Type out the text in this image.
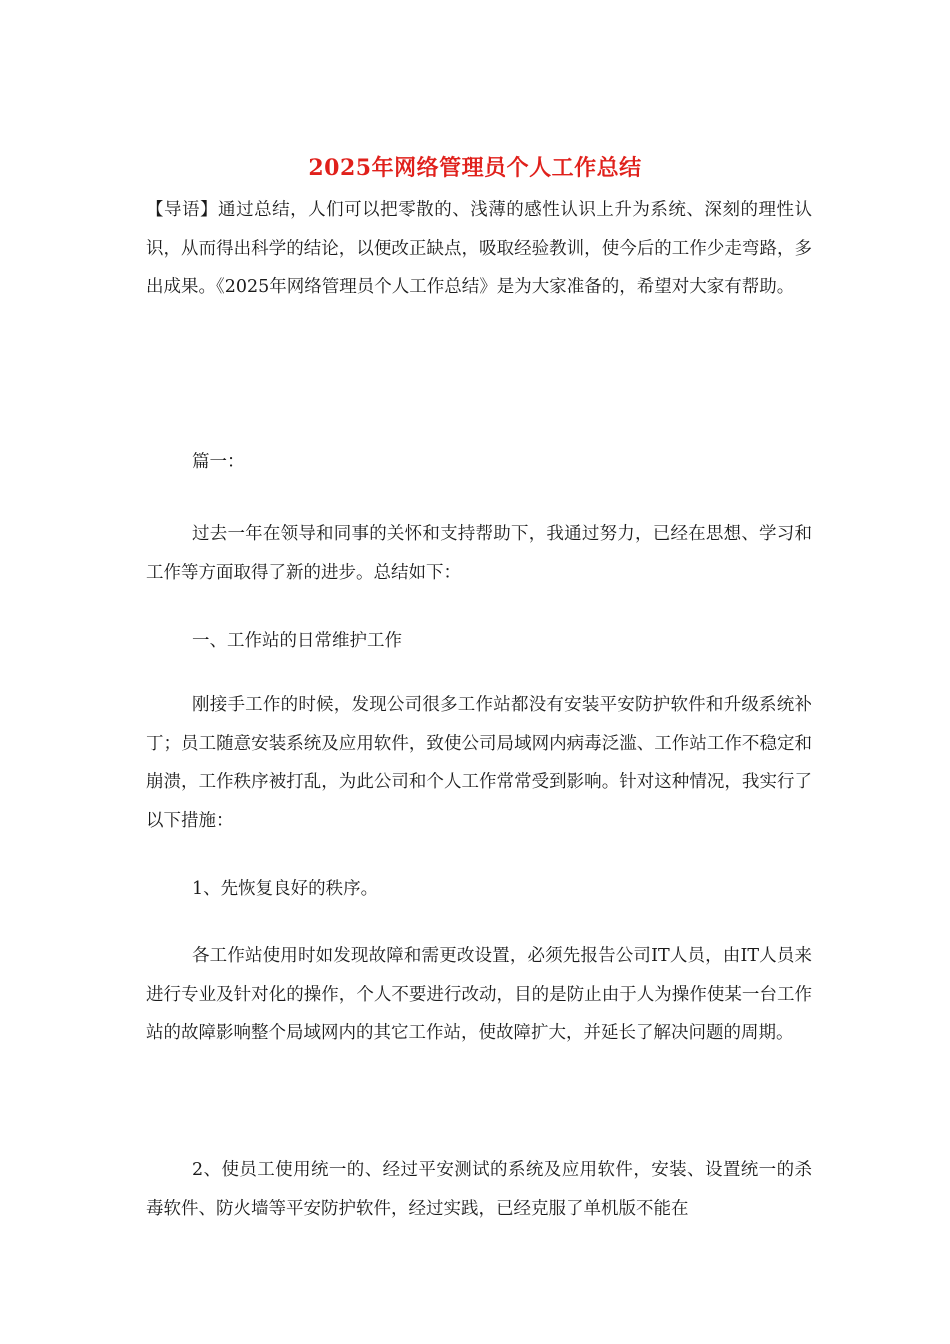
2025年网络管理员个人工作总结

【导语】通过总结，人们可以把零散的、浅薄的感性认识上升为系统、深刻的理性认识，从而得出科学的结论，以便改正缺点，吸取经验教训，使今后的工作少走弯路，多出成果。《2025年网络管理员个人工作总结》是为大家准备的，希望对大家有帮助。

篇一：

过去一年在领导和同事的关怀和支持帮助下，我通过努力，已经在思想、学习和工作等方面取得了新的进步。总结如下：

一、工作站的日常维护工作

刚接手工作的时候，发现公司很多工作站都没有安装平安防护软件和升级系统补丁；员工随意安装系统及应用软件，致使公司局域网内病毒泛滥、工作站工作不稳定和崩溃，工作秩序被打乱，为此公司和个人工作常常受到影响。针对这种情况，我实行了以下措施：

1、先恢复良好的秩序。

各工作站使用时如发现故障和需更改设置，必须先报告公司IT人员，由IT人员来进行专业及针对化的操作，个人不要进行改动，目的是防止由于人为操作使某一台工作站的故障影响整个局域网内的其它工作站，使故障扩大，并延长了解决问题的周期。

2、使员工使用统一的、经过平安测试的系统及应用软件，安装、设置统一的杀毒软件、防火墙等平安防护软件，经过实践，已经克服了单机版不能在
